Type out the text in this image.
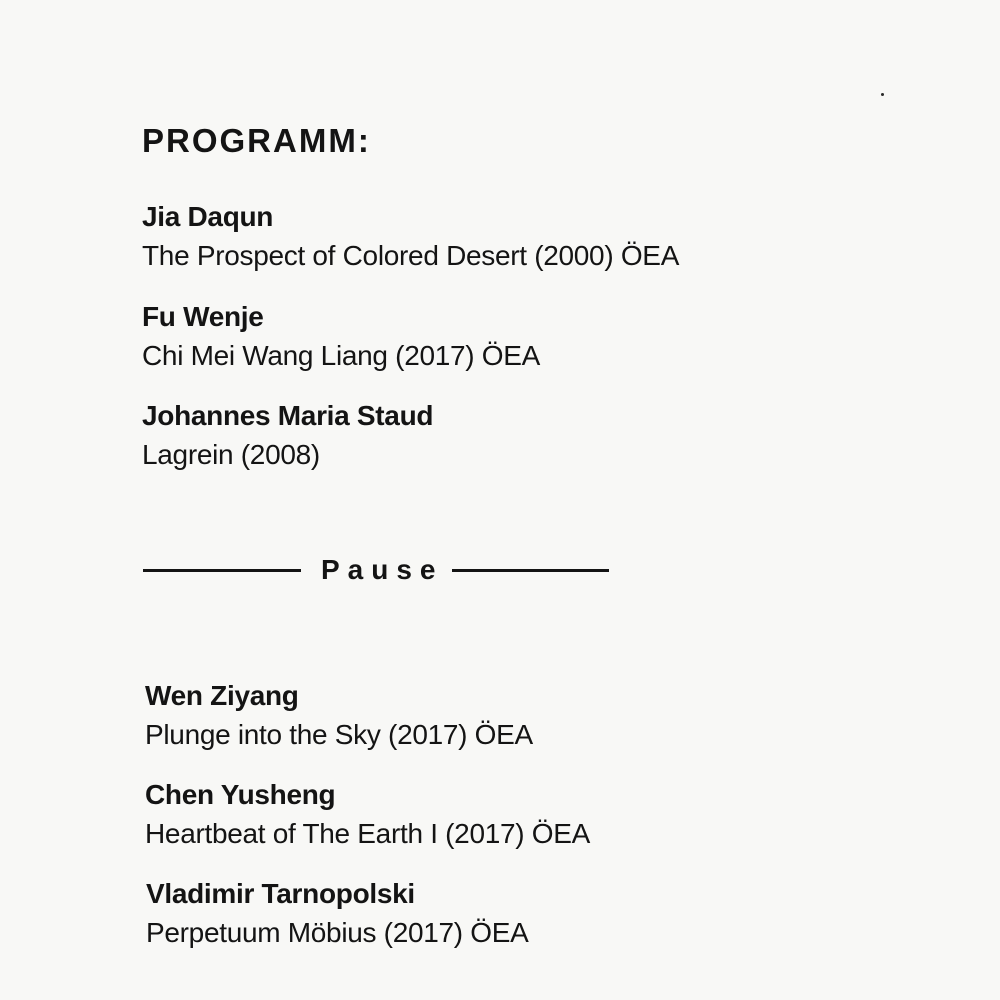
PROGRAMM:
Jia Daqun
The Prospect of Colored Desert (2000) ÖEA
Fu Wenje
Chi Mei Wang Liang (2017) ÖEA
Johannes Maria Staud
Lagrein (2008)
Pause
Wen Ziyang
Plunge into the Sky (2017) ÖEA
Chen Yusheng
Heartbeat of The Earth I (2017) ÖEA
Vladimir Tarnopolski
Perpetuum Möbius (2017) ÖEA
